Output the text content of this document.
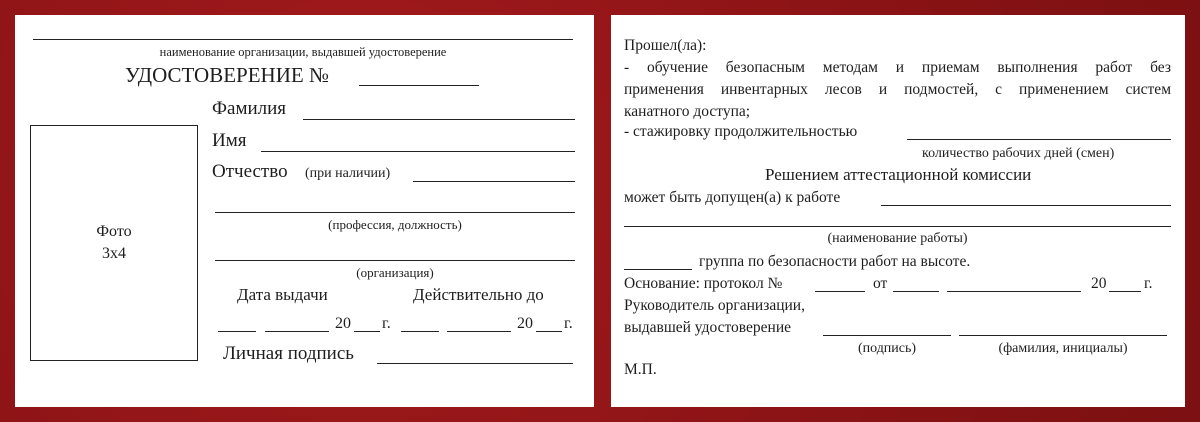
наименование организации, выдавшей удостоверение
УДОСТОВЕРЕНИЕ №
Фамилия
Имя
Отчество (при наличии)
(профессия, должность)
(организация)
Дата выдачи	Действительно до
20 г.	20 г.
Личная подпись
Фото
3x4
Прошел(ла):
- обучение безопасным методам и приемам выполнения работ без
применения инвентарных лесов и подмостей, с применением систем
канатного доступа;
- стажировку продолжительностью
количество рабочих дней (смен)
Решением аттестационной комиссии
может быть допущен(а) к работе
(наименование работы)
группа по безопасности работ на высоте.
Основание: протокол №	от	20 г.
Руководитель организации,
выдавшей удостоверение
(подпись)	(фамилия, инициалы)
М.П.
